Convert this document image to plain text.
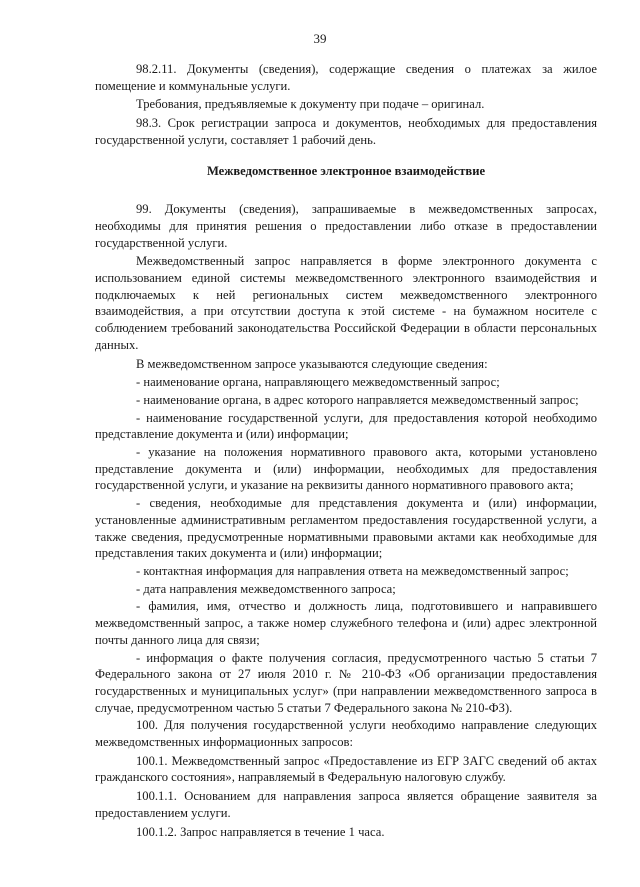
39
98.2.11. Документы (сведения), содержащие сведения о платежах за жилое помещение и коммунальные услуги.
Требования, предъявляемые к документу при подаче – оригинал.
98.3. Срок регистрации запроса и документов, необходимых для предоставления государственной услуги, составляет 1 рабочий день.
Межведомственное электронное взаимодействие
99. Документы (сведения), запрашиваемые в межведомственных запросах, необходимы для принятия решения о предоставлении либо отказе в предоставлении государственной услуги.
Межведомственный запрос направляется в форме электронного документа с использованием единой системы межведомственного электронного взаимодействия и подключаемых к ней региональных систем межведомственного электронного взаимодействия, а при отсутствии доступа к этой системе - на бумажном носителе с соблюдением требований законодательства Российской Федерации в области персональных данных.
В межведомственном запросе указываются следующие сведения:
- наименование органа, направляющего межведомственный запрос;
- наименование органа, в адрес которого направляется межведомственный запрос;
- наименование государственной услуги, для предоставления которой необходимо представление документа и (или) информации;
- указание на положения нормативного правового акта, которыми установлено представление документа и (или) информации, необходимых для предоставления государственной услуги, и указание на реквизиты данного нормативного правового акта;
- сведения, необходимые для представления документа и (или) информации, установленные административным регламентом предоставления государственной услуги, а также сведения, предусмотренные нормативными правовыми актами как необходимые для представления таких документа и (или) информации;
- контактная информация для направления ответа на межведомственный запрос;
- дата направления межведомственного запроса;
- фамилия, имя, отчество и должность лица, подготовившего и направившего межведомственный запрос, а также номер служебного телефона и (или) адрес электронной почты данного лица для связи;
- информация о факте получения согласия, предусмотренного частью 5 статьи 7 Федерального закона от 27 июля 2010 г. № 210-ФЗ «Об организации предоставления государственных и муниципальных услуг» (при направлении межведомственного запроса в случае, предусмотренном частью 5 статьи 7 Федерального закона № 210-ФЗ).
100. Для получения государственной услуги необходимо направление следующих межведомственных информационных запросов:
100.1. Межведомственный запрос «Предоставление из ЕГР ЗАГС сведений об актах гражданского состояния», направляемый в Федеральную налоговую службу.
100.1.1. Основанием для направления запроса является обращение заявителя за предоставлением услуги.
100.1.2. Запрос направляется в течение 1 часа.
